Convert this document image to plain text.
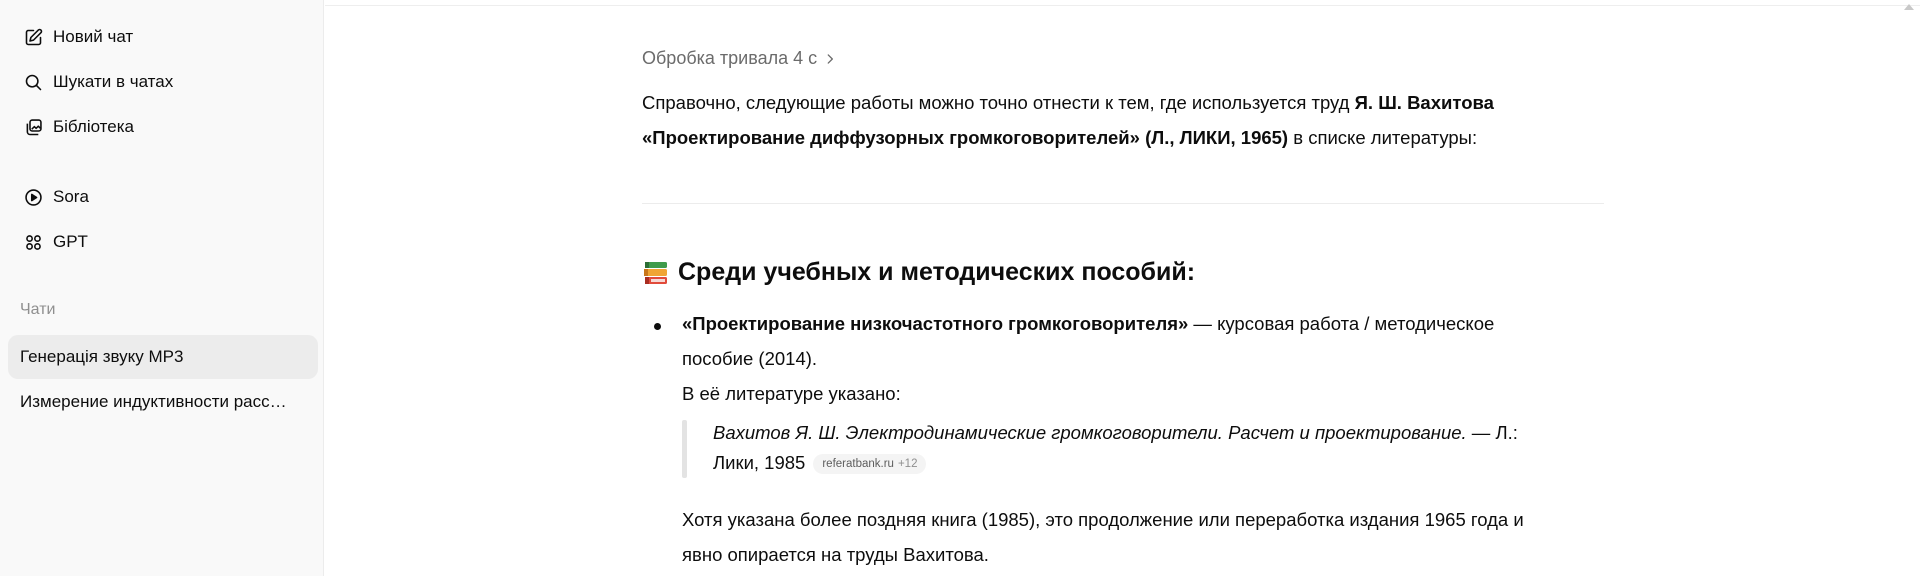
Новий чат
Шукати в чатах
Бібліотека
Sora
GPT
Чати
Генерація звуку MP3
Измерение индуктивности расс…
Обробка тривала 4 с
Справочно, следующие работы можно точно отнести к тем, где используется труд Я. Ш. Вахитова
«Проектирование диффузорных громкоговорителей» (Л., ЛИКИ, 1965) в списке литературы:
Среди учебных и методических пособий:
«Проектирование низкочастотного громкоговорителя» — курсовая работа / методическое
пособие (2014).
В её литературе указано:
Вахитов Я. Ш. Электродинамические громкоговорители. Расчет и проектирование. — Л.:
Лики, 1985 referatbank.ru +12
Хотя указана более поздняя книга (1985), это продолжение или переработка издания 1965 года и
явно опирается на труды Вахитова.
